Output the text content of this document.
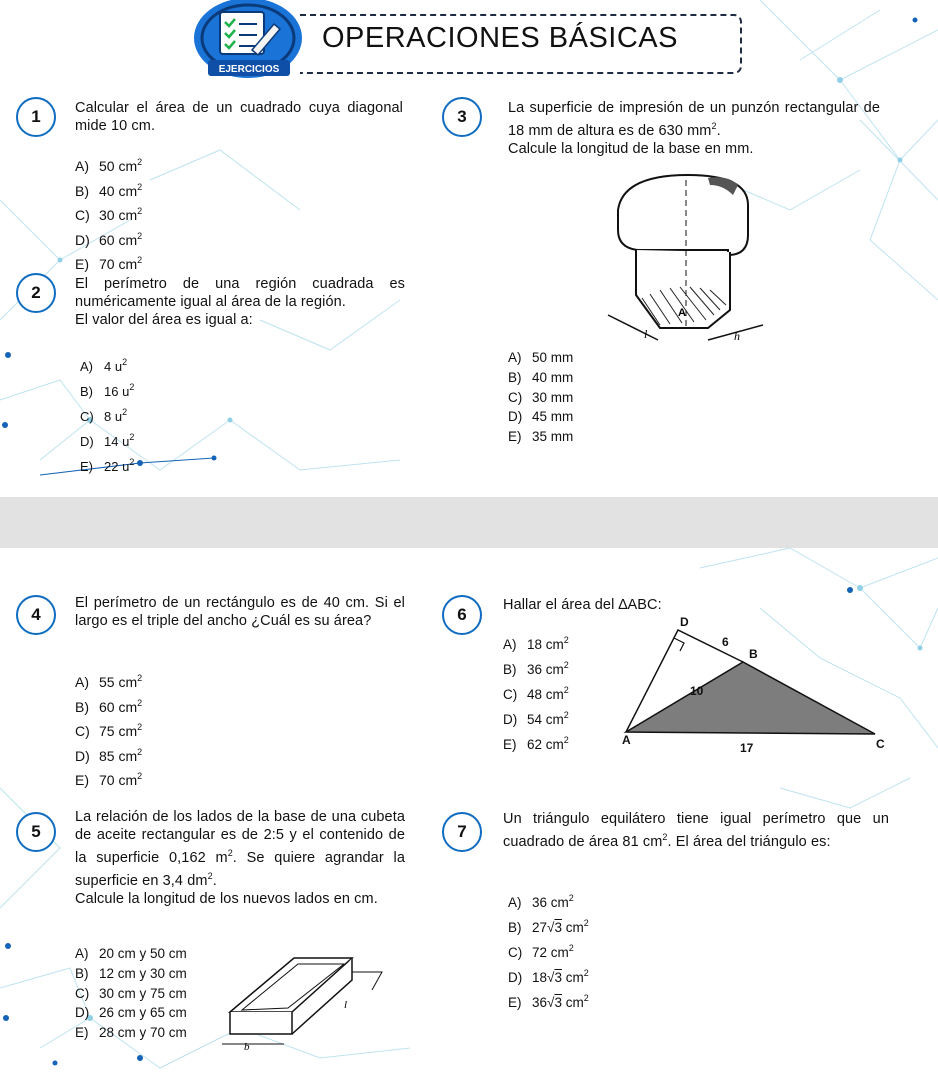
OPERACIONES BÁSICAS
EJERCICIOS
1	Calcular el área de un cuadrado cuya diagonal mide 10 cm.
A) 50 $cm^2$
B) 40 $cm^2$
C) 30 $cm^2$
D) 60 $cm^2$
E) 70 $cm^2$
2	El perímetro de una región cuadrada es numéricamente igual al área de la región.

El valor del área es igual a:

A) 4 $u^2$
B) 16 $u^2$
C) 8 $u^2$
D) 14 $u^2$
E) 22 $u^2$
3	La superficie de impresión de un punzón rectangular de 18 mm de altura es de 630 $mm^2$.

Calcule la longitud de la base en mm.

A
l	h
A) 50 mm
B) 40 mm
C) 30 mm
D) 45 mm
E) 35 mm
4
El perímetro de un rectángulo es de 40 cm. Si el largo es el triple del ancho ¿Cuál es su área?
A) 55 $cm^2$
B) 60 $cm^2$
C) 75 $cm^2$
D) 85 $cm^2$
E) 70 $cm^2$
6	Hallar el área del ∆ABC:
A) 18 $cm^2$
B) 36 $cm^2$
C) 48 $cm^2$
D) 54 $cm^2$
E) 62 $cm^2$
D
B
A	C
6
10
17
5

La relación de los lados de la base de una cubeta de aceite rectangular es de 2:5 y el contenido de la superficie 0,162 $m^2$. Se quiere agrandar la superficie en 3,4 $dm^2$.

Calcule la longitud de los nuevos lados en cm.

A) 20 cm y 50 cm
B) 12 cm y 30 cm
C) 30 cm y 75 cm
D) 26 cm y 65 cm
E) 28 cm y 70 cm
b
l
7
Un triángulo equilátero tiene igual perímetro que un cuadrado de área 81 $cm^2$. El área del triángulo es:
A) 36 $cm^2$
B) 27√3 $cm^2$
C) 72 $cm^2$
D) 18√3 $cm^2$
E) 36√3 $cm^2$
